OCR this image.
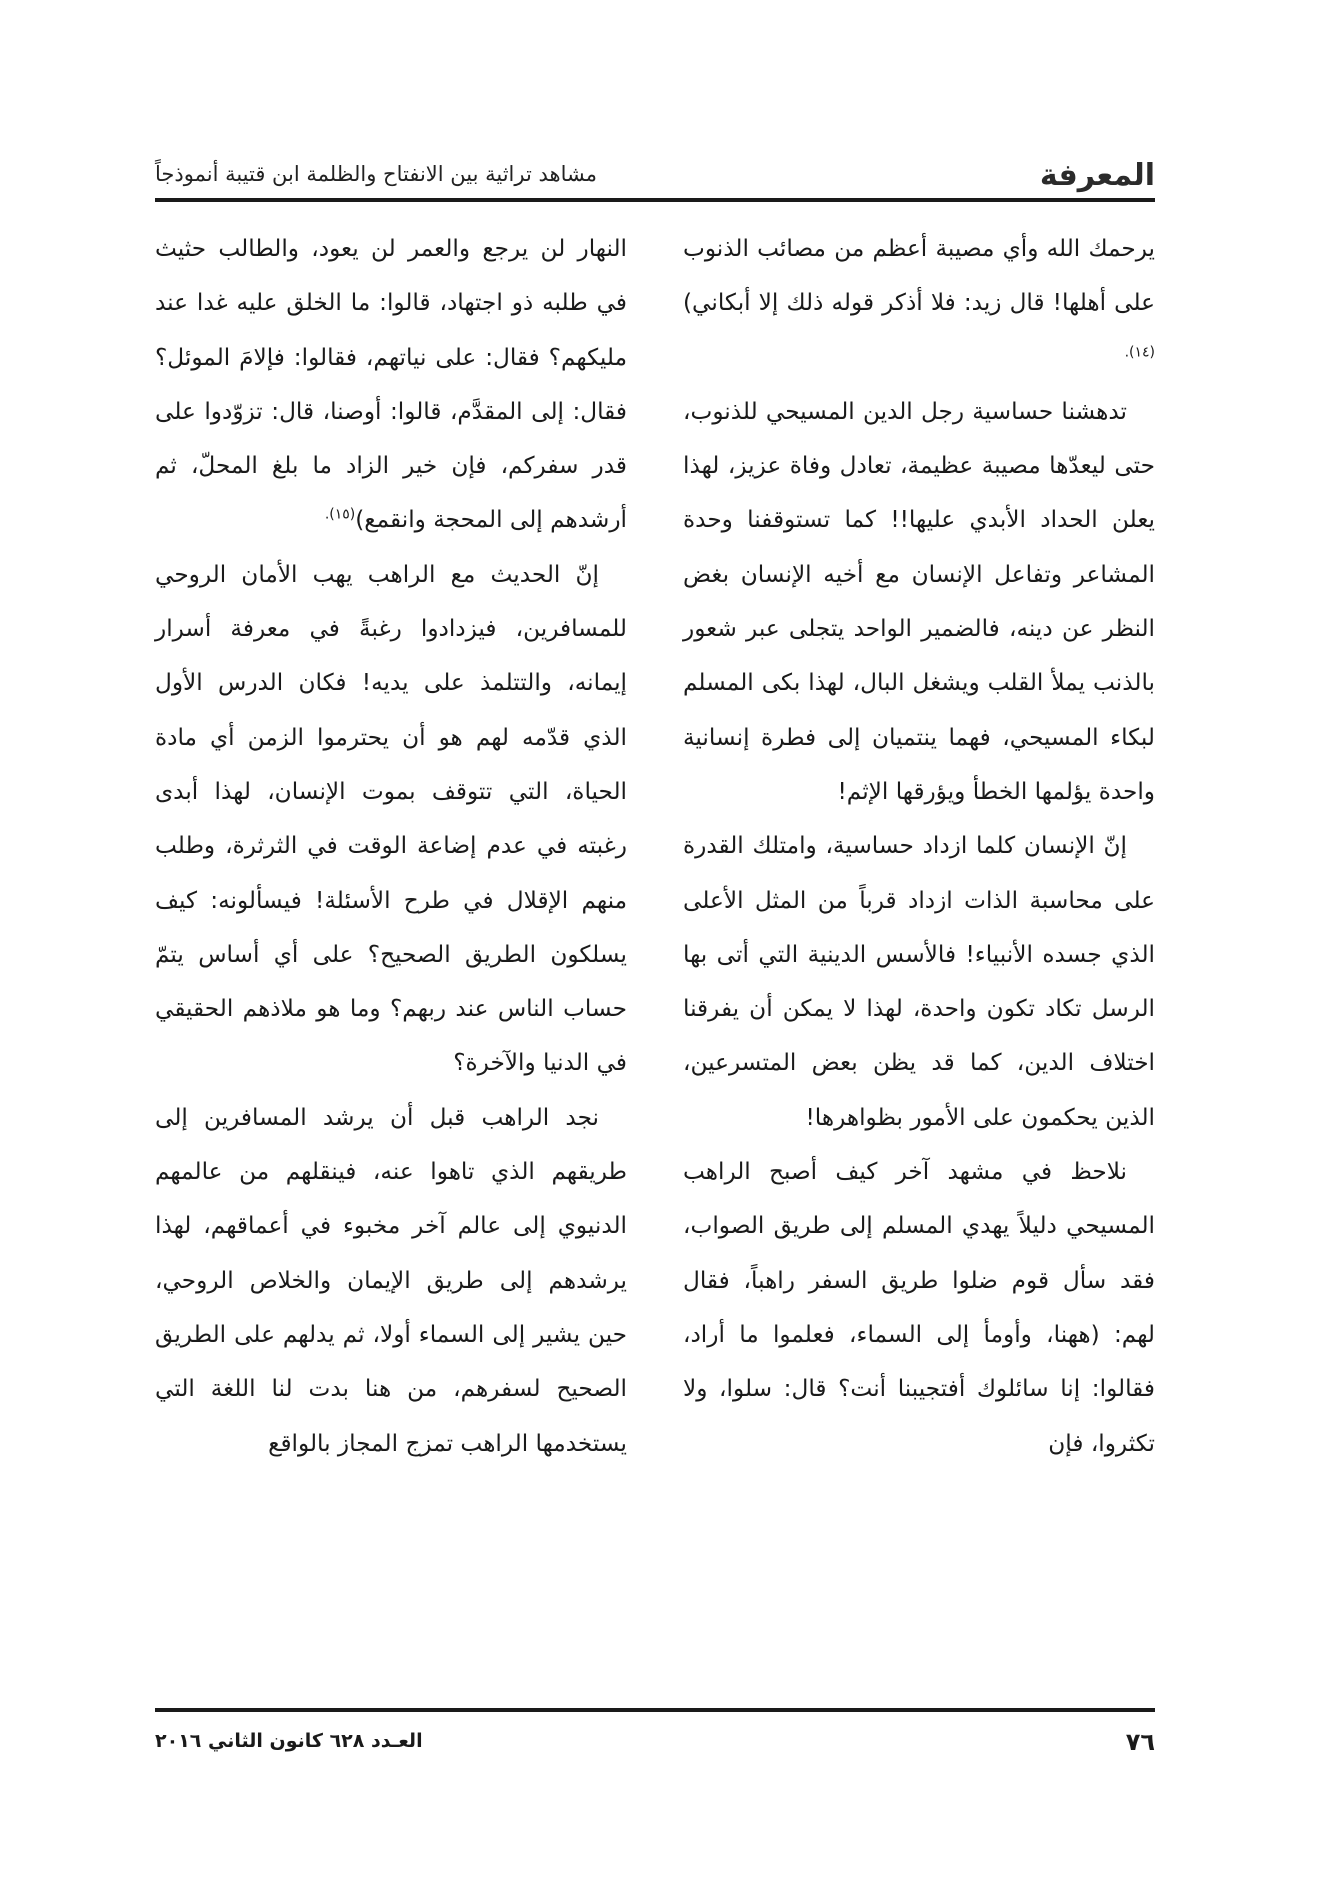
المعرفة
مشاهد تراثية بين الانفتاح والظلمة ابن قتيبة أنموذجاً

يرحمك الله وأي مصيبة أعظم من مصائب الذنوب على أهلها! قال زيد: فلا أذكر قوله ذلك إلا أبكاني)$^{(١٤).}$

تدهشنا حساسية رجل الدين المسيحي للذنوب، حتى ليعدّها مصيبة عظيمة، تعادل وفاة عزيز، لهذا يعلن الحداد الأبدي عليها!! كما تستوقفنا وحدة المشاعر وتفاعل الإنسان مع أخيه الإنسان بغض النظر عن دينه، فالضمير الواحد يتجلى عبر شعور بالذنب يملأ القلب ويشغل البال، لهذا بكى المسلم لبكاء المسيحي، فهما ينتميان إلى فطرة إنسانية واحدة يؤلمها الخطأ ويؤرقها الإثم!

إنّ الإنسان كلما ازداد حساسية، وامتلك القدرة على محاسبة الذات ازداد قرباً من المثل الأعلى الذي جسده الأنبياء! فالأسس الدينية التي أتى بها الرسل تكاد تكون واحدة، لهذا لا يمكن أن يفرقنا اختلاف الدين، كما قد يظن بعض المتسرعين، الذين يحكمون على الأمور بظواهرها!

نلاحظ في مشهد آخر كيف أصبح الراهب المسيحي دليلاً يهدي المسلم إلى طريق الصواب، فقد سأل قوم ضلوا طريق السفر راهباً، فقال لهم: (ههنا، وأومأ إلى السماء، فعلموا ما أراد، فقالوا: إنا سائلوك أفتجيبنا أنت؟ قال: سلوا، ولا تكثروا، فإن

النهار لن يرجع والعمر لن يعود، والطالب حثيث في طلبه ذو اجتهاد، قالوا: ما الخلق عليه غدا عند مليكهم؟ فقال: على نياتهم، فقالوا: فإلامَ الموئل؟ فقال: إلى المقدَّم، قالوا: أوصنا، قال: تزوّدوا على قدر سفركم، فإن خير الزاد ما بلغ المحلّ، ثم أرشدهم إلى المحجة وانقمع)$^{(١٥).}$

إنّ الحديث مع الراهب يهب الأمان الروحي للمسافرين، فيزدادوا رغبةً في معرفة أسرار إيمانه، والتتلمذ على يديه! فكان الدرس الأول الذي قدّمه لهم هو أن يحترموا الزمن أي مادة الحياة، التي تتوقف بموت الإنسان، لهذا أبدى رغبته في عدم إضاعة الوقت في الثرثرة، وطلب منهم الإقلال في طرح الأسئلة! فيسألونه: كيف يسلكون الطريق الصحيح؟ على أي أساس يتمّ حساب الناس عند ربهم؟ وما هو ملاذهم الحقيقي في الدنيا والآخرة؟

نجد الراهب قبل أن يرشد المسافرين إلى طريقهم الذي تاهوا عنه، فينقلهم من عالمهم الدنيوي إلى عالم آخر مخبوء في أعماقهم، لهذا يرشدهم إلى طريق الإيمان والخلاص الروحي، حين يشير إلى السماء أولا، ثم يدلهم على الطريق الصحيح لسفرهم، من هنا بدت لنا اللغة التي يستخدمها الراهب تمزج المجاز بالواقع

٧٦
العـدد ٦٢٨ كانون الثاني ٢٠١٦
